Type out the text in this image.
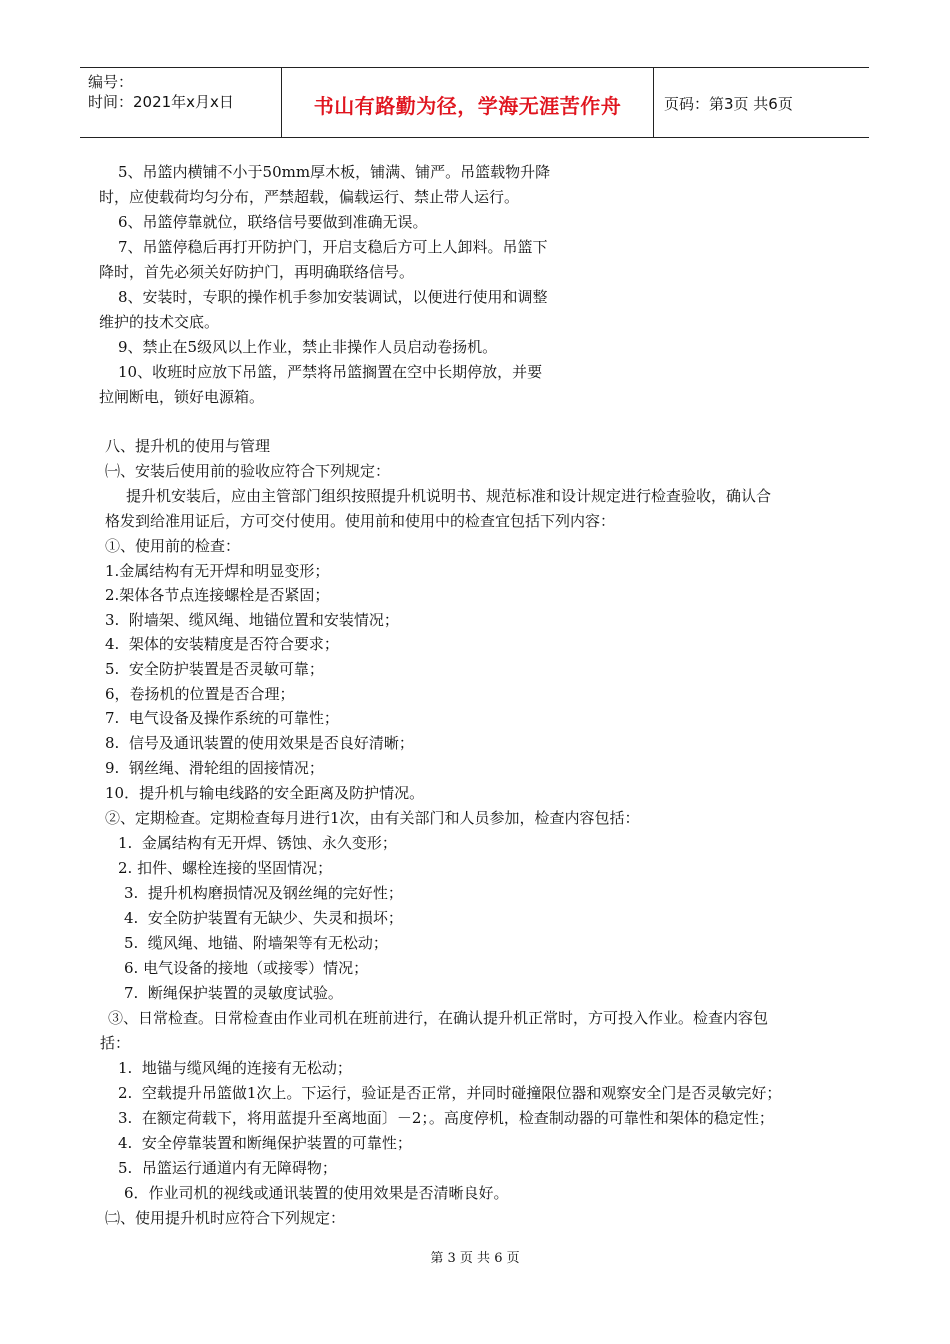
编号：
时间：2021年x月x日	书山有路勤为径，学海无涯苦作舟	页码：第3页 共6页
5、吊篮内横铺不小于50mm厚木板，铺满、铺严。吊篮载物升降
时，应使载荷均匀分布，严禁超载，偏载运行、禁止带人运行。
6、吊篮停靠就位，联络信号要做到准确无误。
7、吊篮停稳后再打开防护门，开启支稳后方可上人卸料。吊篮下
降时，首先必须关好防护门，再明确联络信号。
8、安装时，专职的操作机手参加安装调试，以便进行使用和调整
维护的技术交底。
9、禁止在5级风以上作业，禁止非操作人员启动卷扬机。
10、收班时应放下吊篮，严禁将吊篮搁置在空中长期停放，并要
拉闸断电，锁好电源箱。
八、提升机的使用与管理
㈠、安装后使用前的验收应符合下列规定：
提升机安装后，应由主管部门组织按照提升机说明书、规范标准和设计规定进行检查验收，确认合
格发到给准用证后，方可交付使用。使用前和使用中的检查宜包括下列内容：
①、使用前的检查：
1.金属结构有无开焊和明显变形；
2.架体各节点连接螺栓是否紧固；
3.  附墙架、缆风绳、地锚位置和安装情况；
4.  架体的安装精度是否符合要求；
5.  安全防护装置是否灵敏可靠；
6，卷扬机的位置是否合理；
7.  电气设备及操作系统的可靠性；
8.  信号及通讯装置的使用效果是否良好清晰；
9.  钢丝绳、滑轮组的固接情况；
10．提升机与输电线路的安全距离及防护情况。
②、定期检查。定期检查每月进行1次，由有关部门和人员参加，检查内容包括：
1.  金属结构有无开焊、锈蚀、永久变形；
2. 扣件、螺栓连接的坚固情况；
3.  提升机构磨损情况及钢丝绳的完好性；
4.  安全防护装置有无缺少、失灵和损坏；
5.  缆风绳、地锚、附墙架等有无松动；
6. 电气设备的接地（或接零）情况；
7.  断绳保护装置的灵敏度试验。
③、日常检查。日常检查由作业司机在班前进行，在确认提升机正常时，方可投入作业。检查内容包
括：
1.  地锚与缆风绳的连接有无松动；
2.  空载提升吊篮做1次上。下运行，验证是否正常，并同时碰撞限位器和观察安全门是否灵敏完好；
3.  在额定荷载下，将用蓝提升至离地面〕－2；。高度停机，检查制动器的可靠性和架体的稳定性；
4.  安全停靠装置和断绳保护装置的可靠性；
5.  吊篮运行通道内有无障碍物；
6．作业司机的视线或通讯装置的使用效果是否清晰良好。
㈡、使用提升机时应符合下列规定：
第 3 页 共 6 页
